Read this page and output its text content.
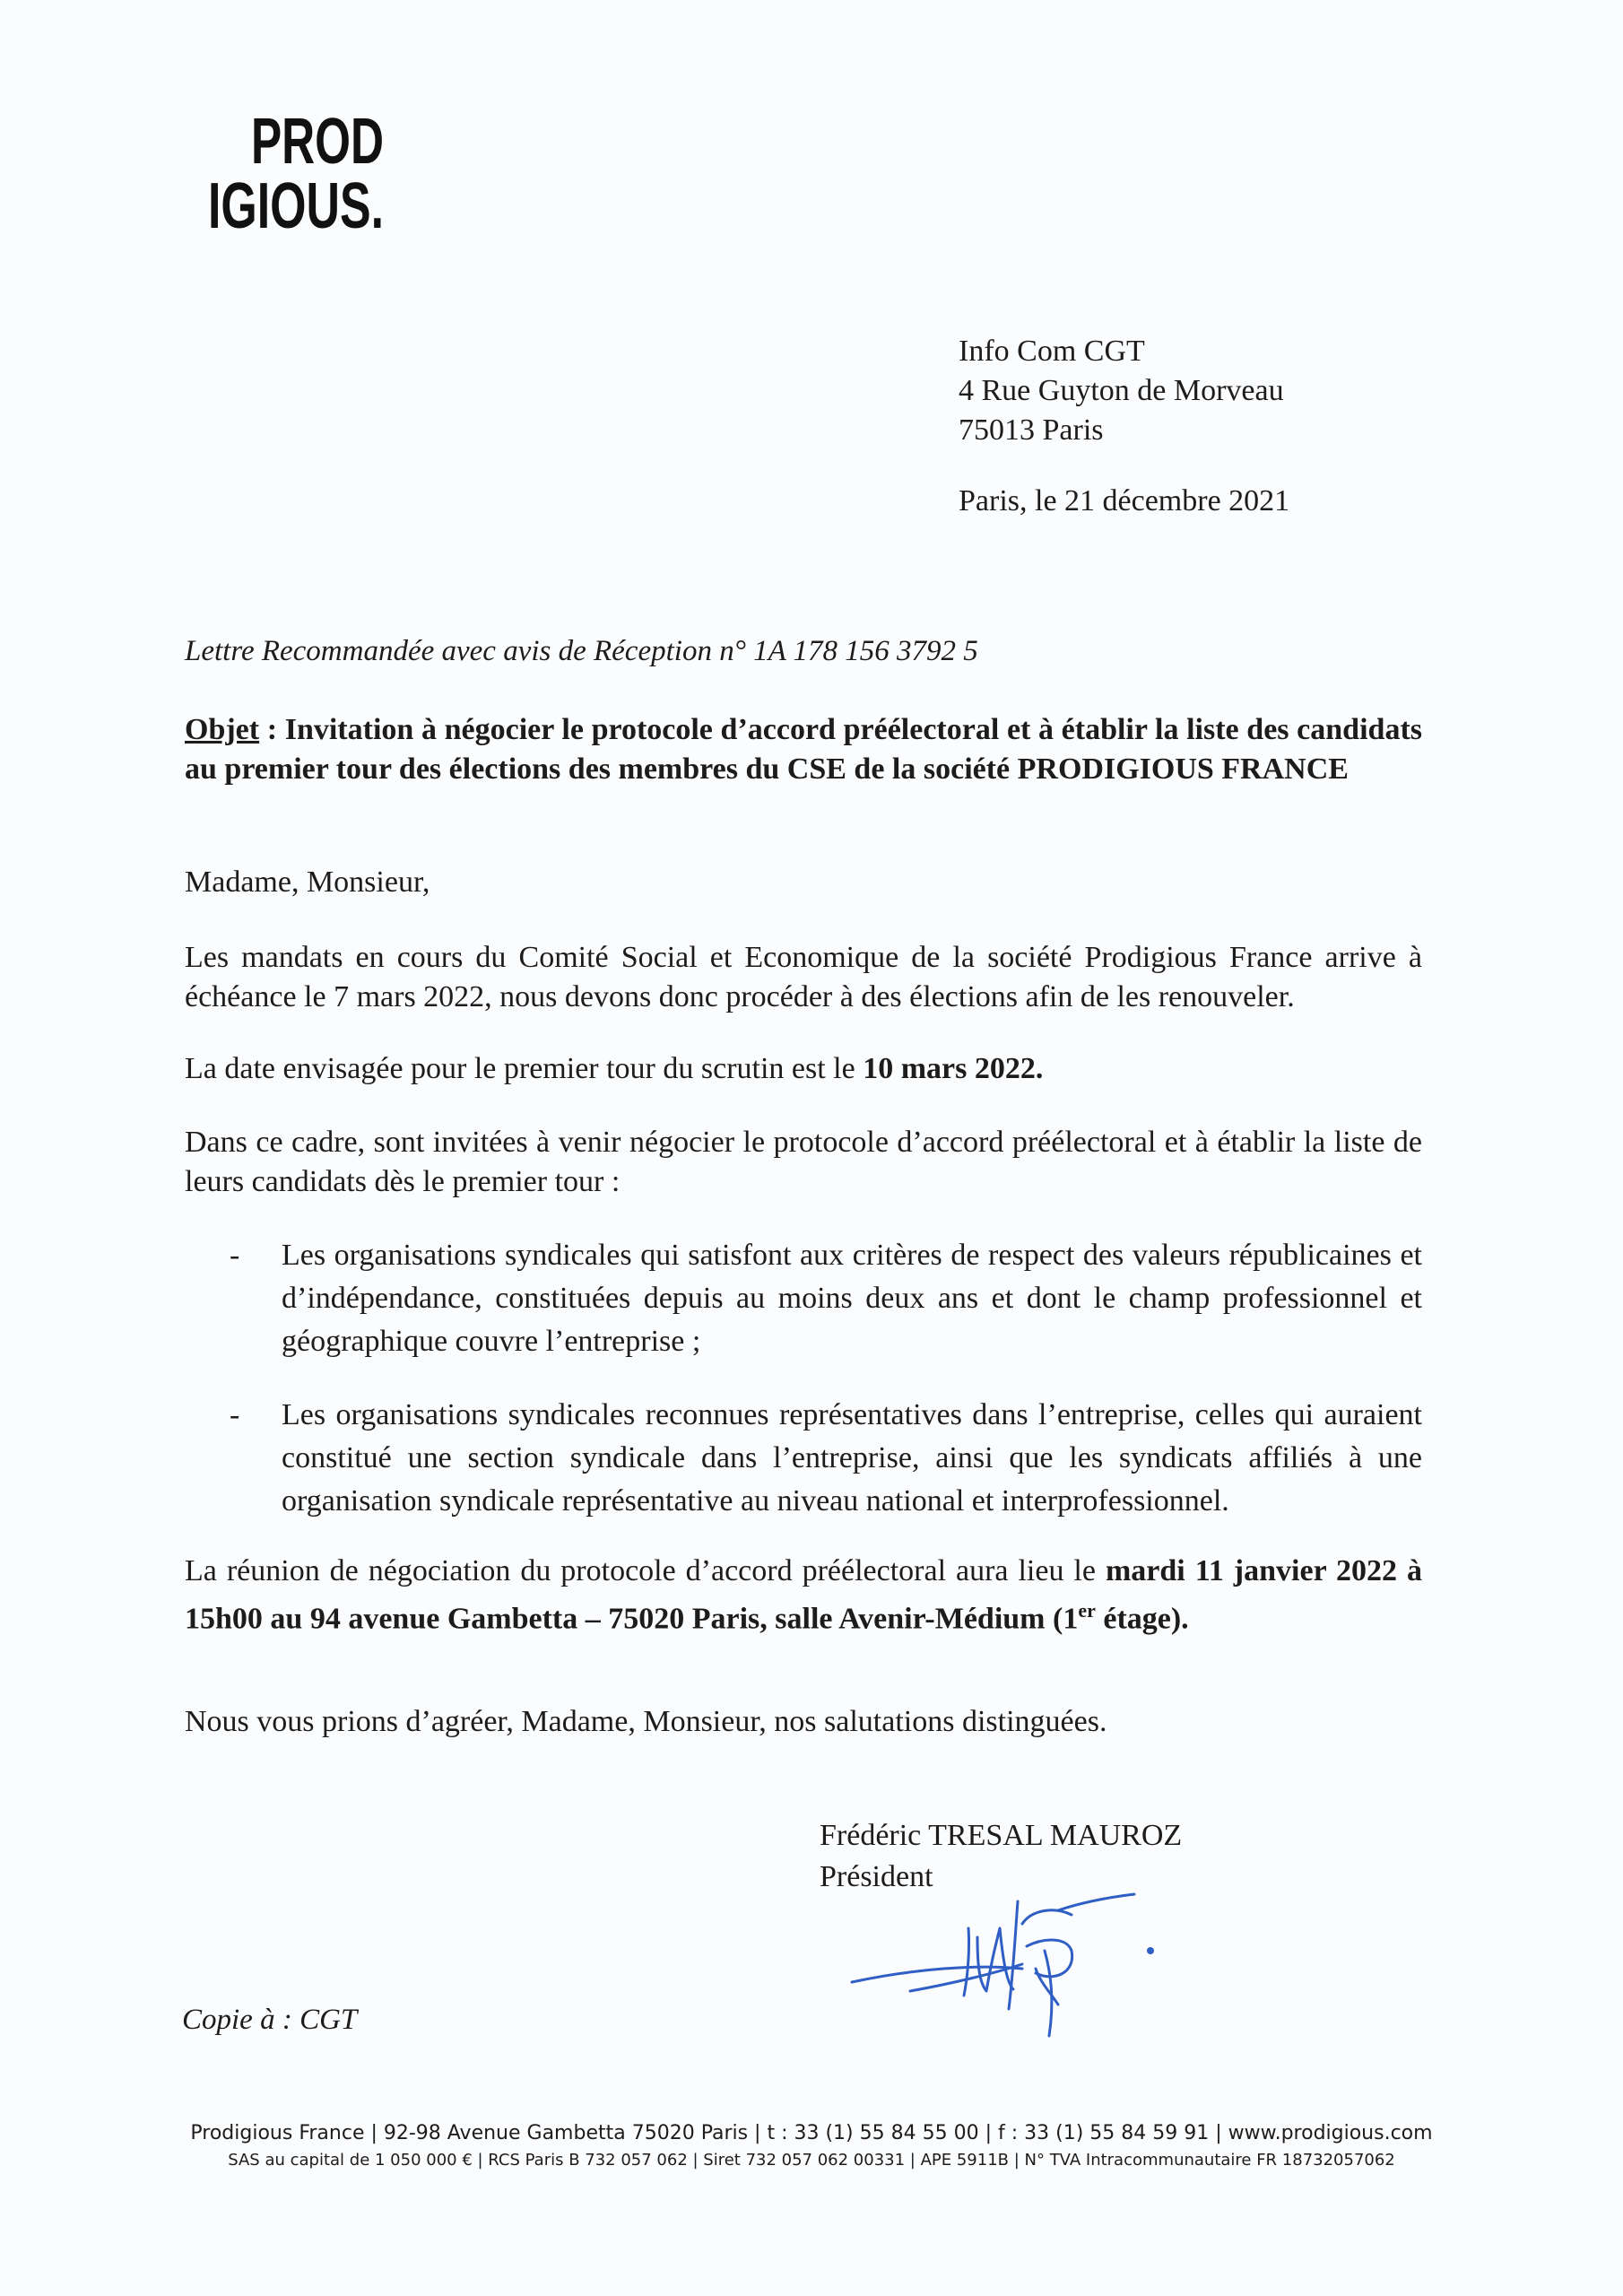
PROD
IGIOUS.
Info Com CGT
4 Rue Guyton de Morveau
75013 Paris
Paris, le 21 décembre 2021
Lettre Recommandée avec avis de Réception n° 1A 178 156 3792 5
Objet : Invitation à négocier le protocole d’accord préélectoral et à établir la liste des candidats au premier tour des élections des membres du CSE de la société PRODIGIOUS FRANCE
Madame, Monsieur,
Les mandats en cours du Comité Social et Economique de la société Prodigious France arrive à échéance le 7 mars 2022, nous devons donc procéder à des élections afin de les renouveler.
La date envisagée pour le premier tour du scrutin est le 10 mars 2022.
Dans ce cadre, sont invitées à venir négocier le protocole d’accord préélectoral et à établir la liste de leurs candidats dès le premier tour :
- Les organisations syndicales qui satisfont aux critères de respect des valeurs républicaines et d’indépendance, constituées depuis au moins deux ans et dont le champ professionnel et géographique couvre l’entreprise ;
- Les organisations syndicales reconnues représentatives dans l’entreprise, celles qui auraient constitué une section syndicale dans l’entreprise, ainsi que les syndicats affiliés à une organisation syndicale représentative au niveau national et interprofessionnel.
La réunion de négociation du protocole d’accord préélectoral aura lieu le mardi 11 janvier 2022 à 15h00 au 94 avenue Gambetta – 75020 Paris, salle Avenir-Médium (1er étage).
Nous vous prions d’agréer, Madame, Monsieur, nos salutations distinguées.
Frédéric TRESAL MAUROZ
Président
Copie à : CGT
Prodigious France | 92-98 Avenue Gambetta 75020 Paris | t : 33 (1) 55 84 55 00 | f : 33 (1) 55 84 59 91 | www.prodigious.com
SAS au capital de 1 050 000 € | RCS Paris B 732 057 062 | Siret 732 057 062 00331 | APE 5911B | N° TVA Intracommunautaire FR 18732057062
